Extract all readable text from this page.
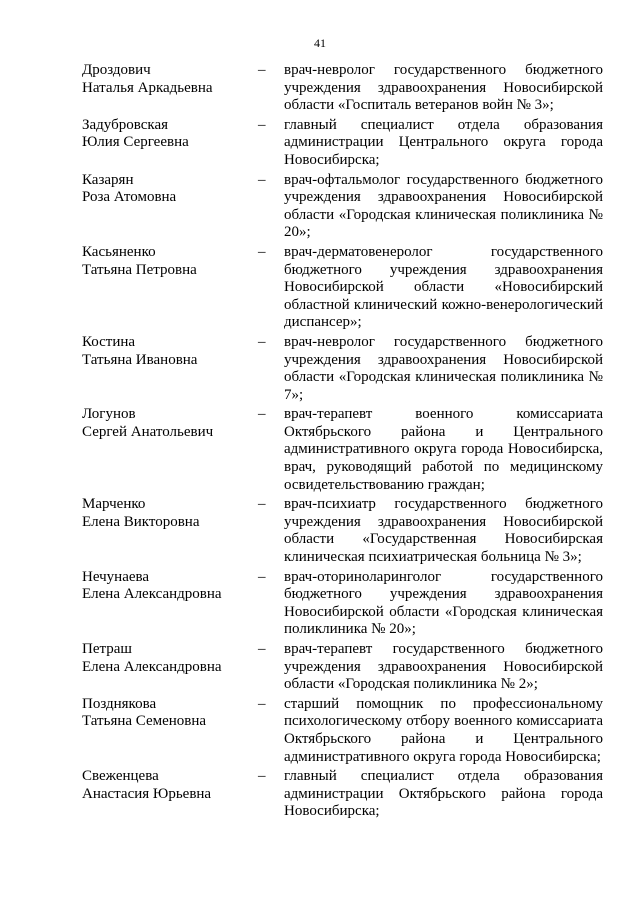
41
Дроздович
Наталья Аркадьевна
–	врач-невролог государственного бюджетного учреждения здравоохранения Новосибирской области «Госпиталь ветеранов войн № 3»;
Задубровская
Юлия Сергеевна
–	главный специалист отдела образования администрации Центрального округа города Новосибирска;
Казарян
Роза Атомовна
–	врач-офтальмолог государственного бюджетного учреждения здравоохранения Новосибирской области «Городская клиническая поликлиника № 20»;
Касьяненко
Татьяна Петровна
–	врач-дерматовенеролог государственного бюджетного учреждения здравоохранения Новосибирской области «Новосибирский областной клинический кожно-венерологический диспансер»;
Костина
Татьяна Ивановна
–	врач-невролог государственного бюджетного учреждения здравоохранения Новосибирской области «Городская клиническая поликлиника № 7»;
Логунов
Сергей Анатольевич
–	врач-терапевт военного комиссариата Октябрьского района и Центрального административного округа города Новосибирска, врач, руководящий работой по медицинскому освидетельствованию граждан;
Марченко
Елена Викторовна
–	врач-психиатр государственного бюджетного учреждения здравоохранения Новосибирской области «Государственная Новосибирская клиническая психиатрическая больница № 3»;
Нечунаева
Елена Александровна
–	врач-оториноларинголог государственного бюджетного учреждения здравоохранения Новосибирской области «Городская клиническая поликлиника № 20»;
Петраш
Елена Александровна
–	врач-терапевт государственного бюджетного учреждения здравоохранения Новосибирской области «Городская поликлиника № 2»;
Позднякова
Татьяна Семеновна
–	старший помощник по профессиональному психологическому отбору военного комиссариата Октябрьского района и Центрального административного округа города Новосибирска;
Свеженцева
Анастасия Юрьевна
–	главный специалист отдела образования администрации Октябрьского района города Новосибирска;
